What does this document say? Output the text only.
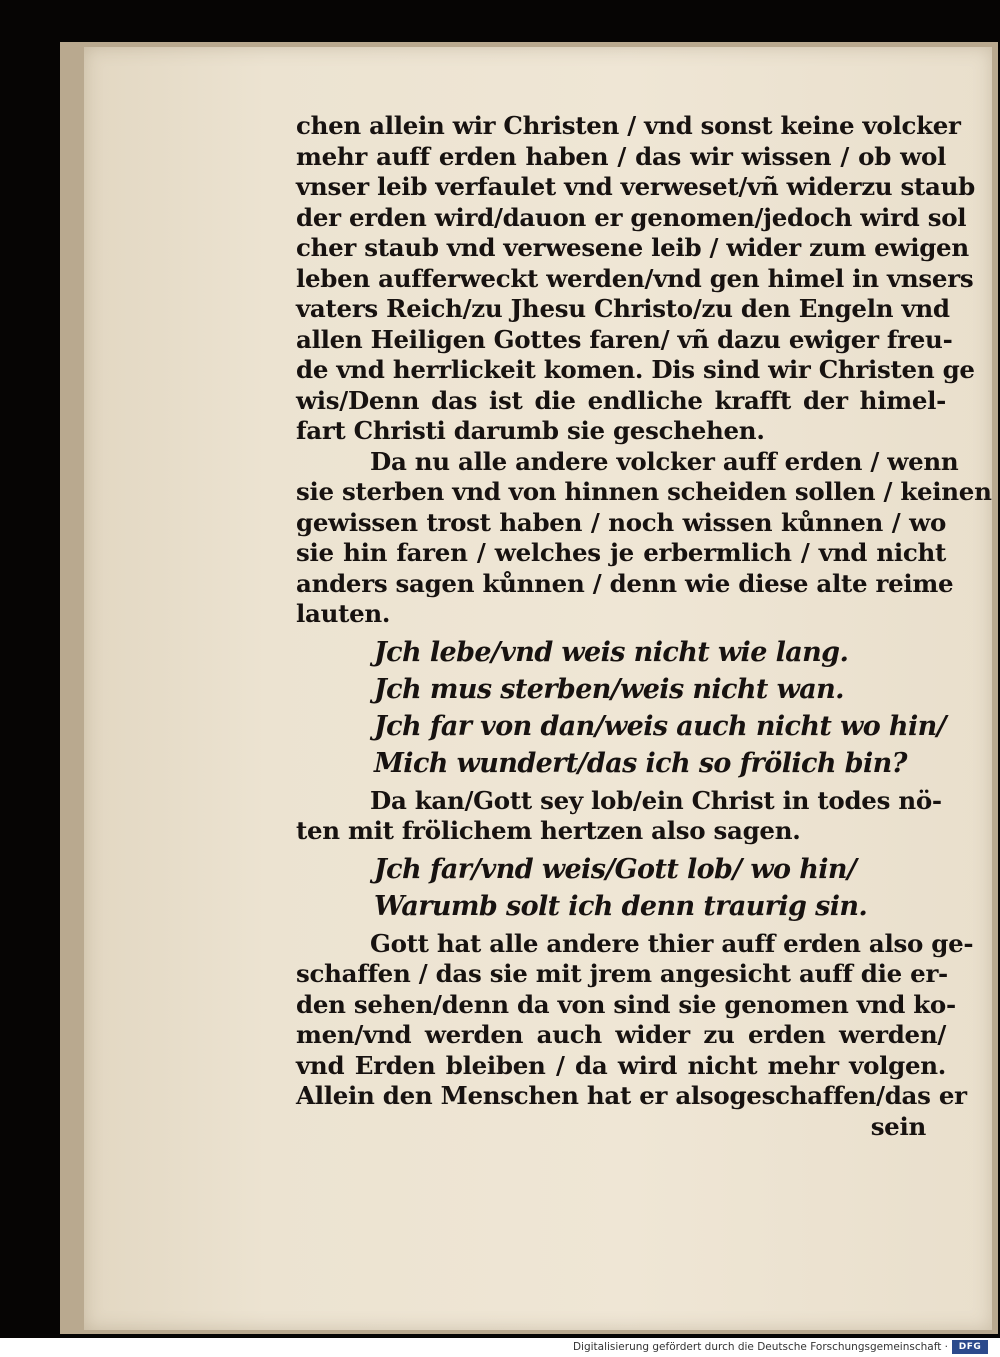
chen allein wir Christen / vnd sonst keine volcker
mehr auff erden haben / das wir wissen / ob wol
vnser leib verfaulet vnd verweset/vñ widerzu staub
der erden wird/dauon er genomen/jedoch wird sol
cher staub vnd verwesene leib / wider zum ewigen
leben aufferweckt werden/vnd gen himel in vnsers
vaters Reich/zu Jhesu Christo/zu den Engeln vnd
allen Heiligen Gottes faren/ vñ dazu ewiger freu-
de vnd herrlickeit komen. Dis sind wir Christen ge
wis/Denn das ist die endliche krafft der himel-
fart Christi darumb sie geschehen.
Da nu alle andere volcker auff erden / wenn
sie sterben vnd von hinnen scheiden sollen / keinen
gewissen trost haben / noch wissen kůnnen / wo
sie hin faren / welches je erbermlich / vnd nicht
anders sagen kůnnen / denn wie diese alte reime
lauten.
Jch lebe/vnd weis nicht wie lang.
Jch mus sterben/weis nicht wan.
Jch far von dan/weis auch nicht wo hin/
Mich wundert/das ich so frölich bin?
Da kan/Gott sey lob/ein Christ in todes nö-
ten mit frölichem hertzen also sagen.
Jch far/vnd weis/Gott lob/ wo hin/
Warumb solt ich denn traurig sin.
Gott hat alle andere thier auff erden also ge-
schaffen / das sie mit jrem angesicht auff die er-
den sehen/denn da von sind sie genomen vnd ko-
men/vnd werden auch wider zu erden werden/
vnd Erden bleiben / da wird nicht mehr volgen.
Allein den Menschen hat er alsogeschaffen/das er
sein
Digitalisierung gefördert durch die Deutsche Forschungsgemeinschaft ·	DFG
